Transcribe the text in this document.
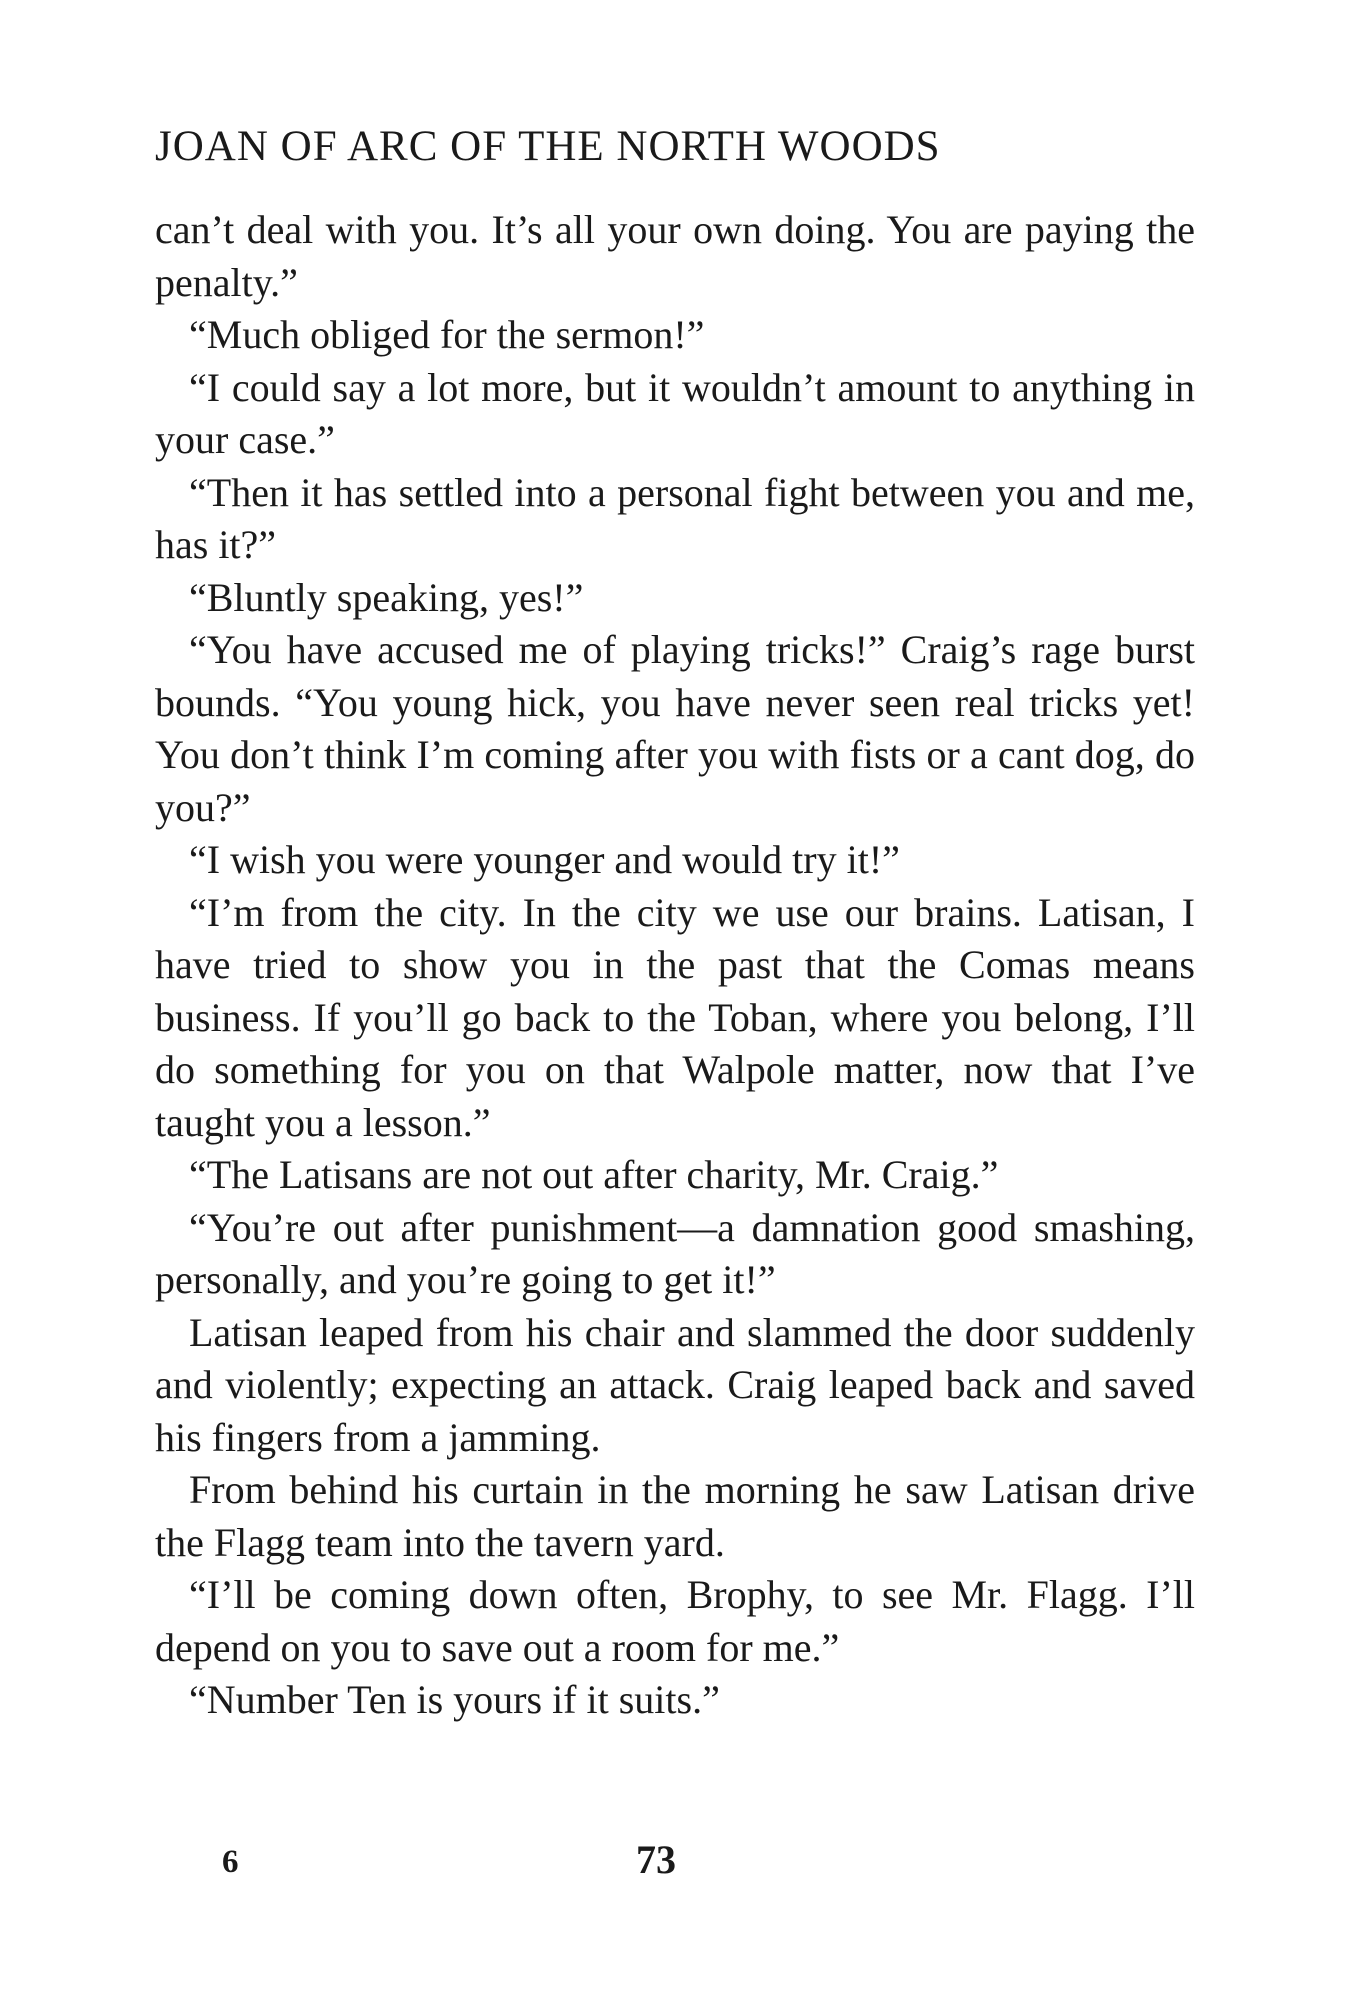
JOAN OF ARC OF THE NORTH WOODS

can’t deal with you. It’s all your own doing. You are paying the penalty.”

“Much obliged for the sermon!”

“I could say a lot more, but it wouldn’t amount to anything in your case.”

“Then it has settled into a personal fight between you and me, has it?”

“Bluntly speaking, yes!”

“You have accused me of playing tricks!” Craig’s rage burst bounds. “You young hick, you have never seen real tricks yet! You don’t think I’m coming after you with fists or a cant dog, do you?”

“I wish you were younger and would try it!”

“I’m from the city. In the city we use our brains. Latisan, I have tried to show you in the past that the Comas means business. If you’ll go back to the Toban, where you belong, I’ll do something for you on that Walpole matter, now that I’ve taught you a lesson.”

“The Latisans are not out after charity, Mr. Craig.”

“You’re out after punishment—a damnation good smashing, personally, and you’re going to get it!”

Latisan leaped from his chair and slammed the door suddenly and violently; expecting an attack. Craig leaped back and saved his fingers from a jamming.

From behind his curtain in the morning he saw Latisan drive the Flagg team into the tavern yard.

“I’ll be coming down often, Brophy, to see Mr. Flagg. I’ll depend on you to save out a room for me.”

“Number Ten is yours if it suits.”

6	73
